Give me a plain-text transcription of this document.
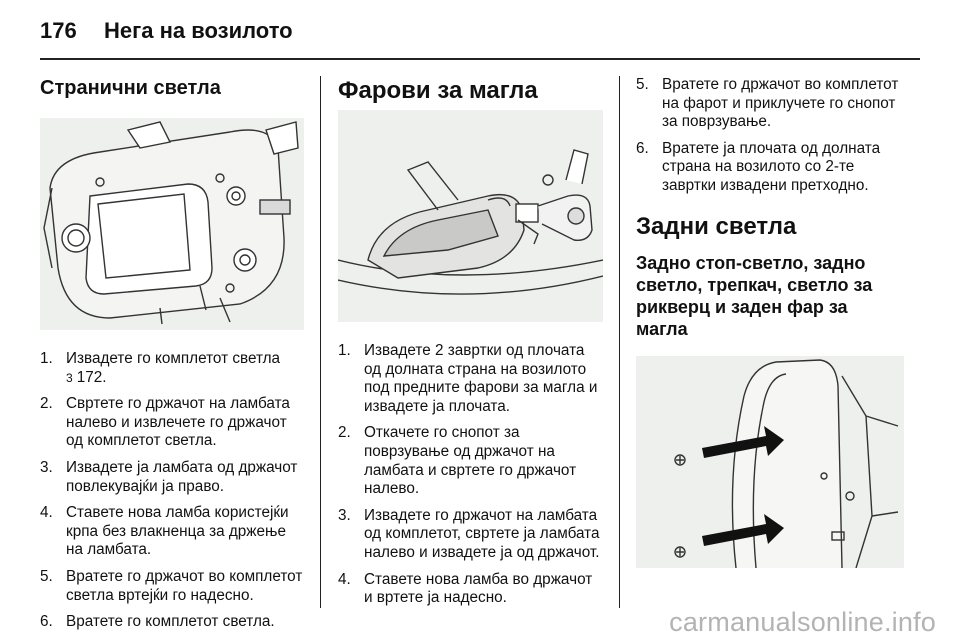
176 Нега на возилото
Странични светла
1. Извадете го комплетот светла
3 172.
2. Свртете го држачот на ламбата налево и извлечете го држачот од комплетот светла.
3. Извадете ја ламбата од држачот повлекувајќи ја право.
4. Ставете нова ламба користејќи крпа без влакненца за држење на ламбата.
5. Вратете го држачот во комплетот светла вртејќи го надесно.
6. Вратете го комплетот светла.
Фарови за магла
1. Извадете 2 завртки од плочата од долната страна на возилото под предните фарови за магла и извадете ја плочата.
2. Откачете го снопот за поврзување од држачот на ламбата и свртете го држачот налево.
3. Извадете го држачот на ламбата од комплетот, свртете ја ламбата налево и извадете ја од држачот.
4. Ставете нова ламба во држачот и вртете ја надесно.
5. Вратете го држачот во комплетот на фарот и приклучете го снопот за поврзување.
6. Вратете ја плочата од долната страна на возилото со 2-те завртки извадени претходно.
Задни светла
Задно стоп-светло, задно светло, трепкач, светло за рикверц и заден фар за магла
carmanualsonline.info
